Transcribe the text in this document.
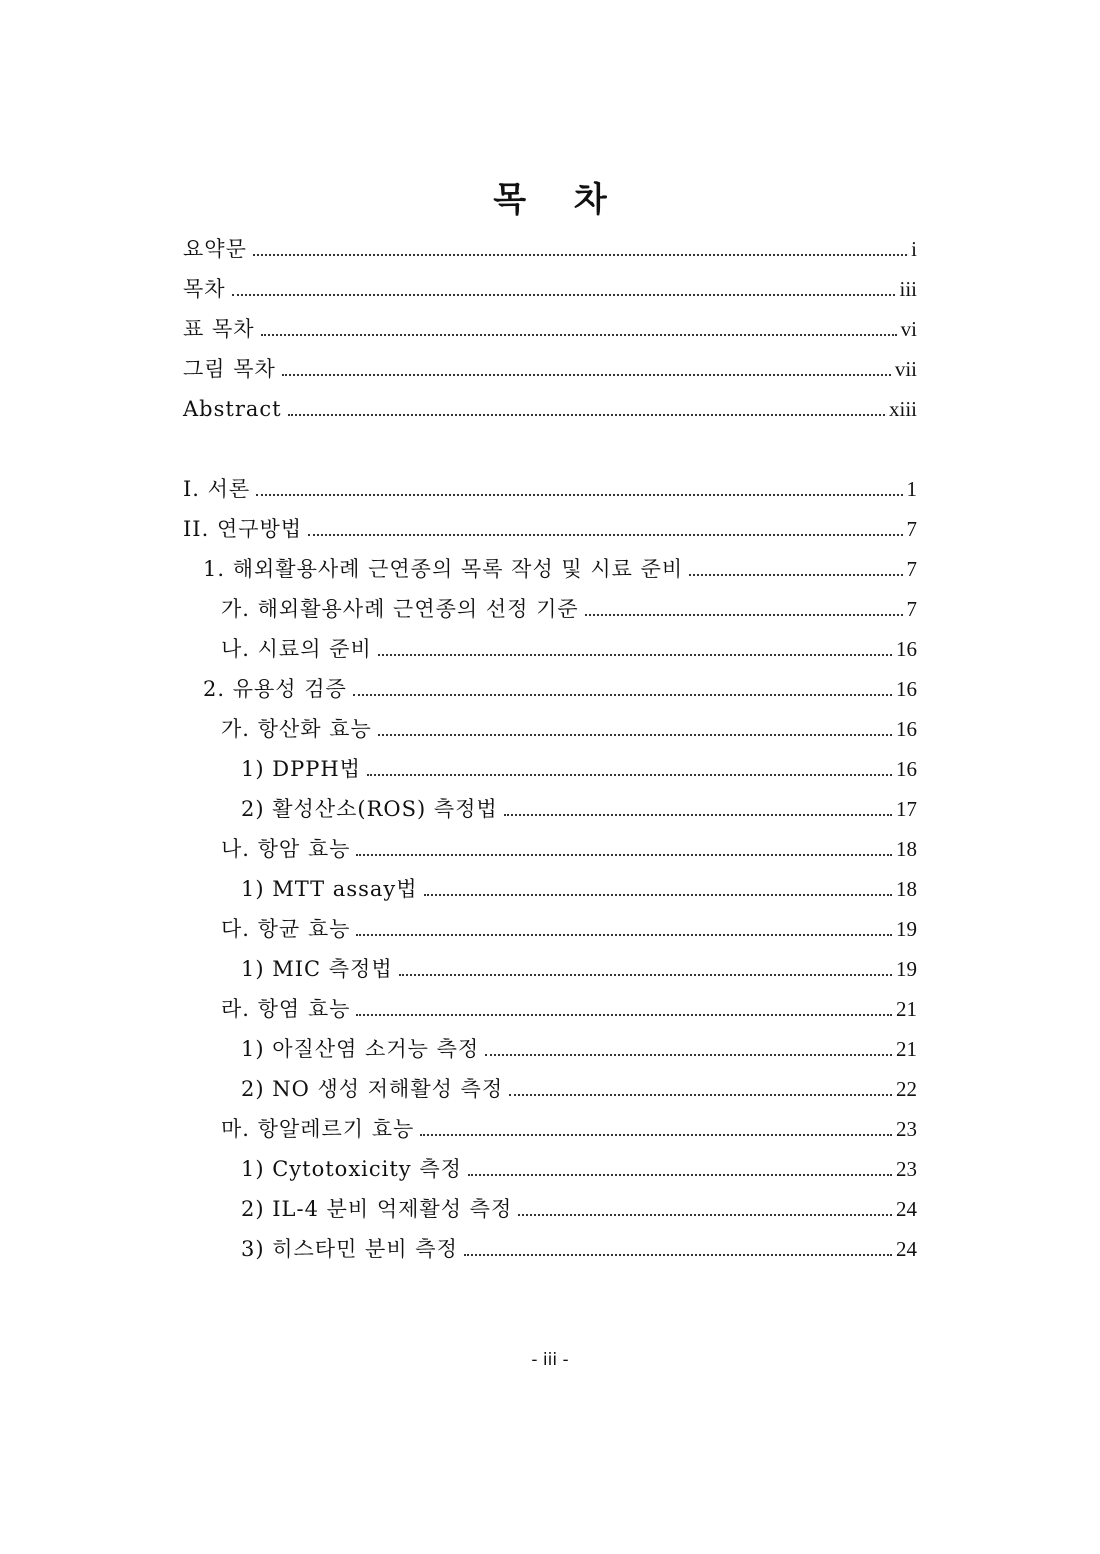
목 차
요약문	i
목차	iii
표 목차	vi
그림 목차	vii
Abstract	xiii
I. 서론	1
II. 연구방법	7
1. 해외활용사례 근연종의 목록 작성 및 시료 준비	7
가. 해외활용사례 근연종의 선정 기준	7
나. 시료의 준비	16
2. 유용성 검증	16
가. 항산화 효능	16
1) DPPH법	16
2) 활성산소(ROS) 측정법	17
나. 항암 효능	18
1) MTT assay법	18
다. 항균 효능	19
1) MIC 측정법	19
라. 항염 효능	21
1) 아질산염 소거능 측정	21
2) NO 생성 저해활성 측정	22
마. 항알레르기 효능	23
1) Cytotoxicity 측정	23
2) IL-4 분비 억제활성 측정	24
3) 히스타민 분비 측정	24
- iii -
